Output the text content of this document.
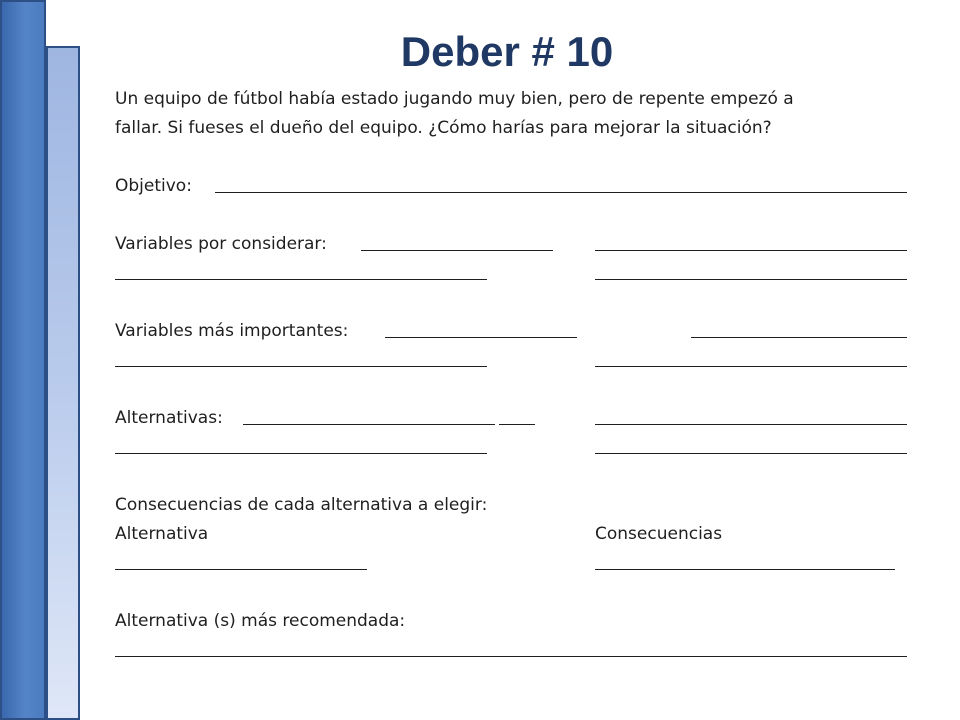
Deber # 10
Un equipo de fútbol había estado jugando muy bien, pero de repente empezó a
fallar. Si fueses el dueño del equipo. ¿Cómo harías para mejorar la situación?
Objetivo:
Variables por considerar:
Variables más importantes:
Alternativas:
Consecuencias de cada alternativa a elegir:
Alternativa	Consecuencias
Alternativa (s) más recomendada:
